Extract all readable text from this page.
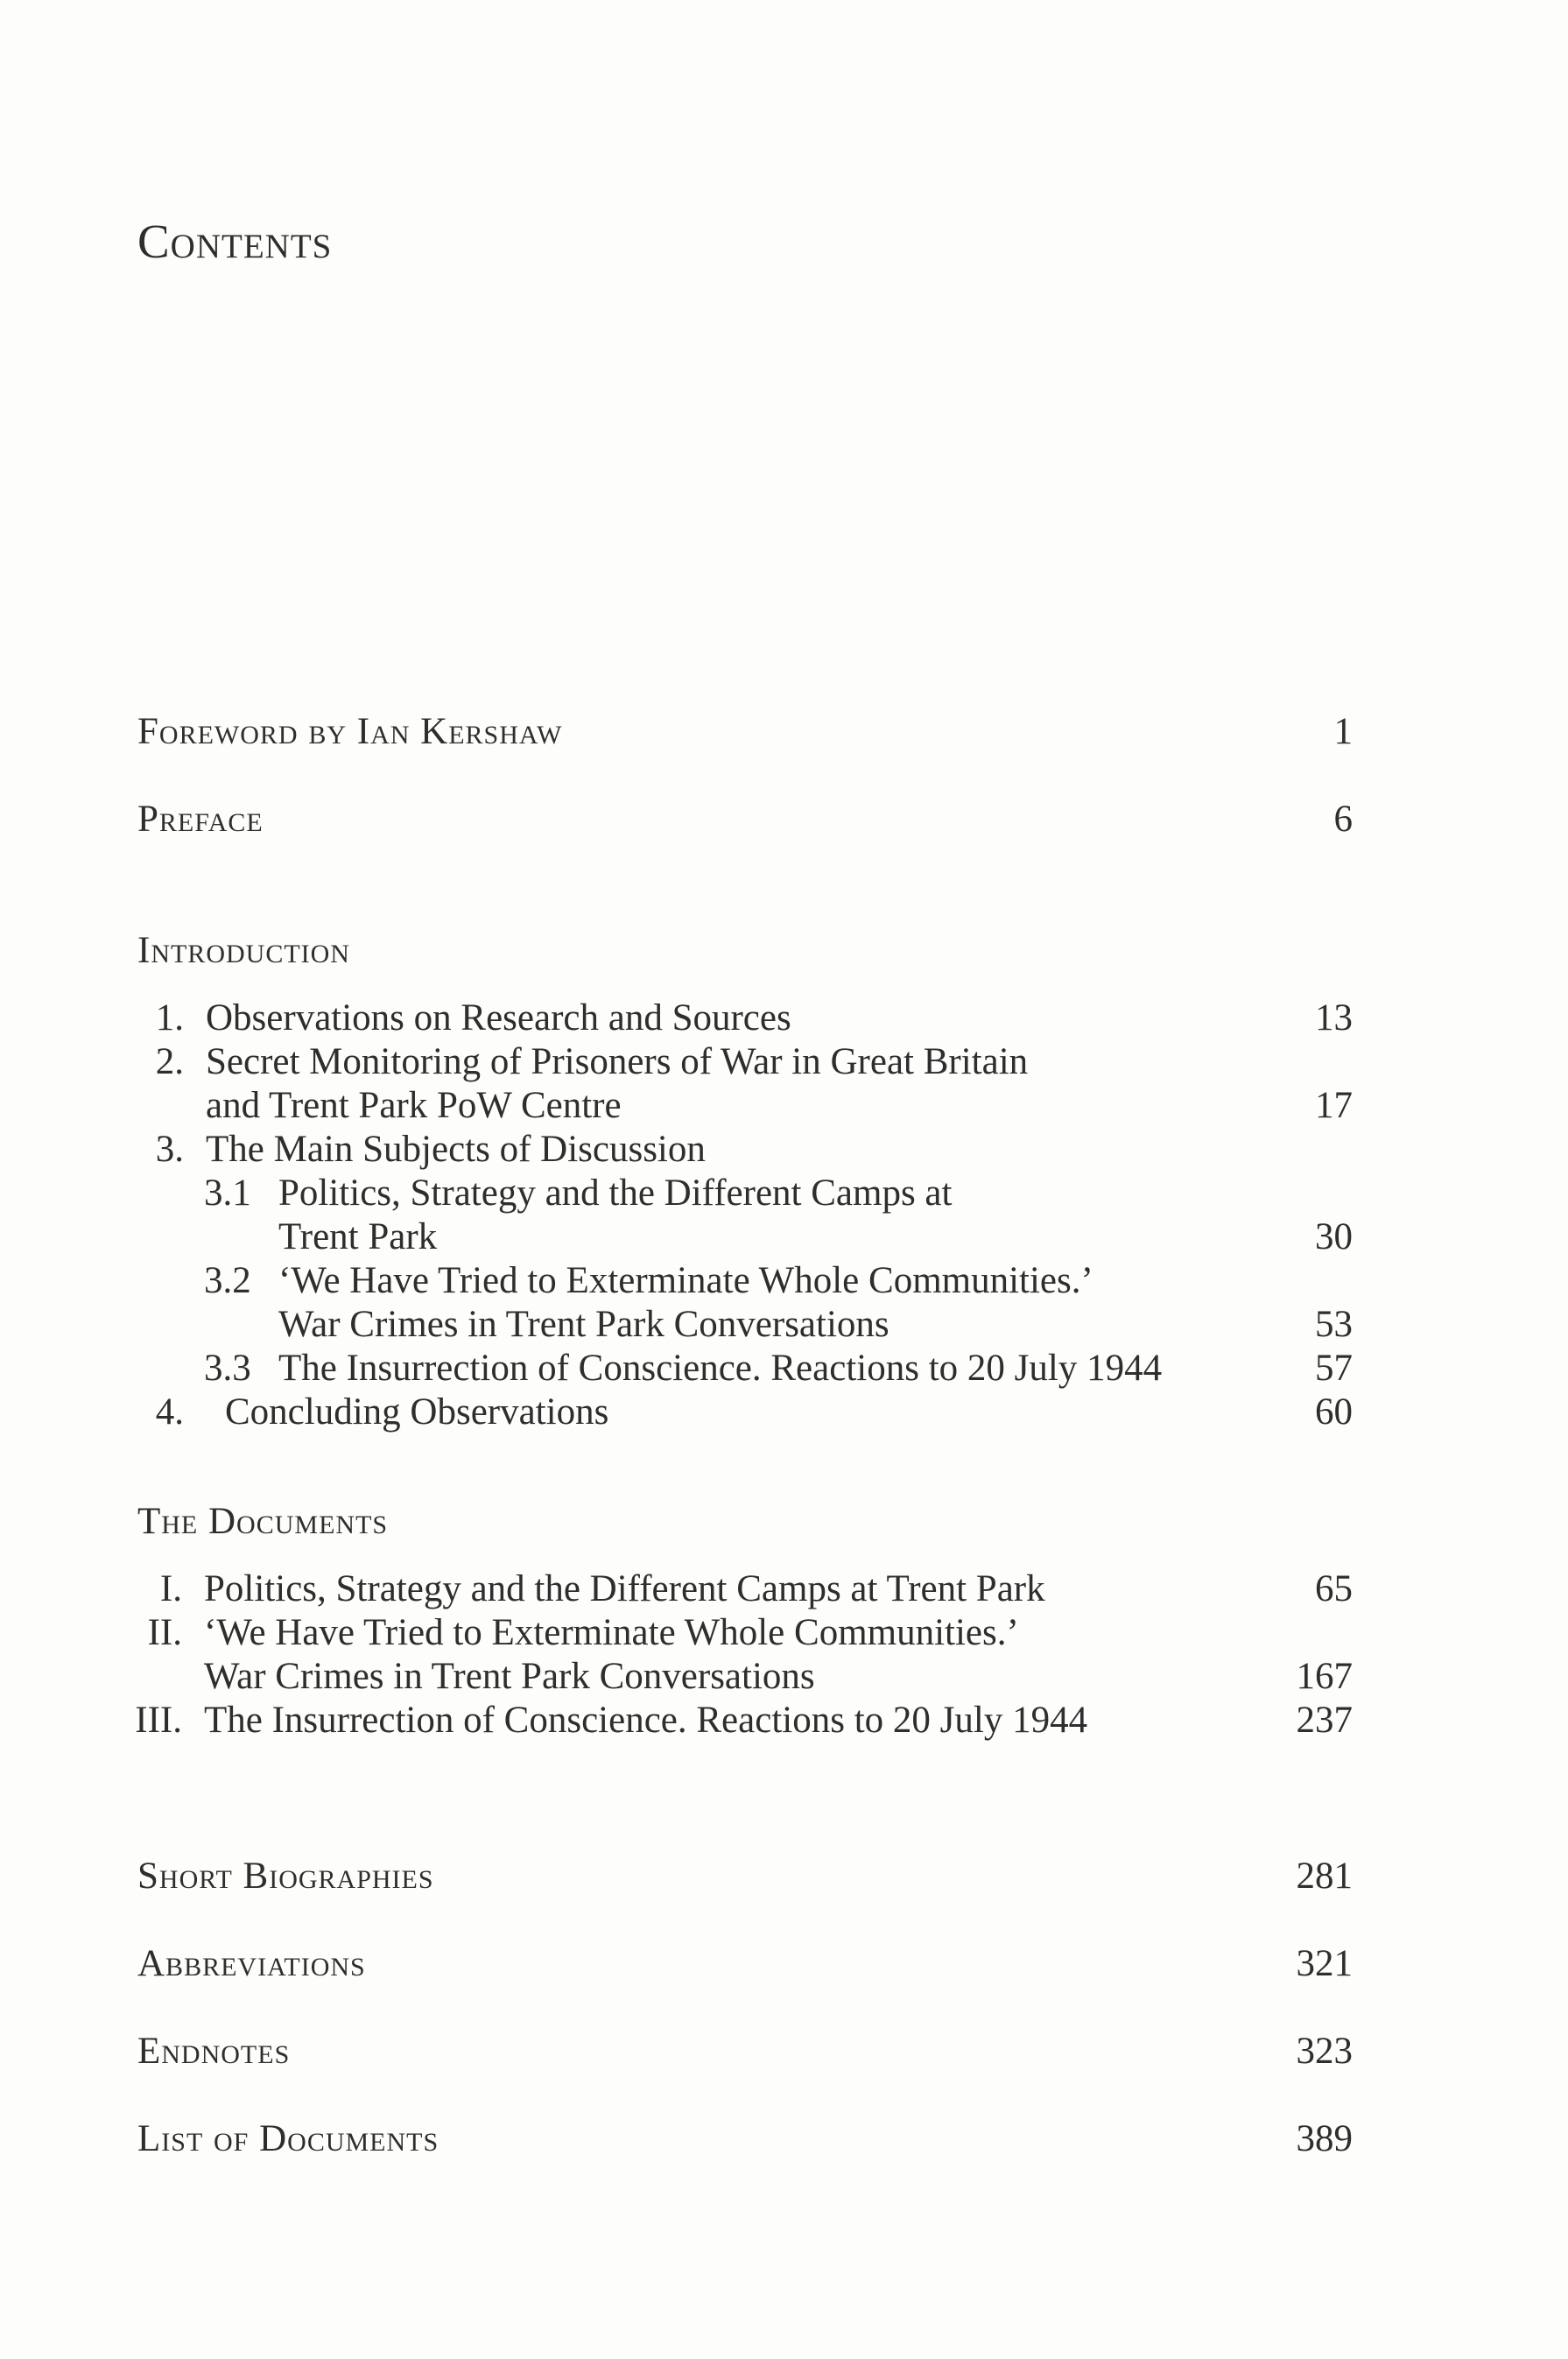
Contents
Foreword by Ian Kershaw	1
Preface	6
Introduction
1. Observations on Research and Sources	13
2. Secret Monitoring of Prisoners of War in Great Britain
and Trent Park PoW Centre	17
3. The Main Subjects of Discussion
3.1 Politics, Strategy and the Different Camps at
Trent Park	30
3.2 ‘We Have Tried to Exterminate Whole Communities.’
War Crimes in Trent Park Conversations	53
3.3 The Insurrection of Conscience. Reactions to 20 July 1944	57
4. Concluding Observations	60
The Documents
I. Politics, Strategy and the Different Camps at Trent Park	65
II. ‘We Have Tried to Exterminate Whole Communities.’
War Crimes in Trent Park Conversations	167
III. The Insurrection of Conscience. Reactions to 20 July 1944	237
Short Biographies	281
Abbreviations	321
Endnotes	323
List of Documents	389
